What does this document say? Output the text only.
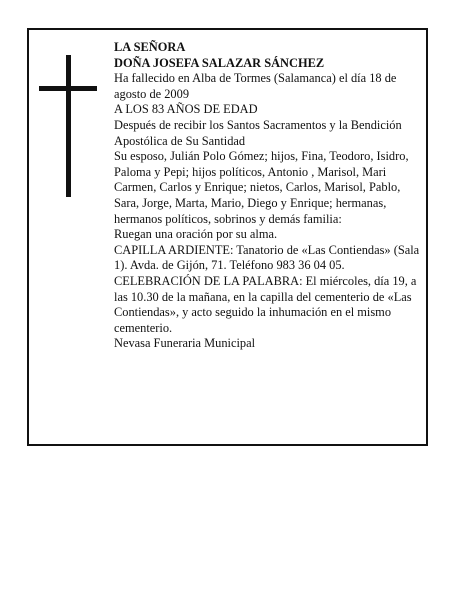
LA SEÑORA

DOÑA JOSEFA SALAZAR SÁNCHEZ

Ha fallecido en Alba de Tormes (Salamanca) el día 18 de agosto de 2009

A LOS 83 AÑOS DE EDAD

Después de recibir los Santos Sacramentos y la Bendición Apostólica de Su Santidad

Su esposo, Julián Polo Gómez; hijos, Fina, Teodoro, Isidro, Paloma y Pepi; hijos políticos, Antonio , Marisol, Mari Carmen, Carlos y Enrique; nietos, Carlos, Marisol, Pablo, Sara, Jorge, Marta, Mario, Diego y Enrique; hermanas, hermanos políticos, sobrinos y demás familia:

Ruegan una oración por su alma.

CAPILLA ARDIENTE: Tanatorio de «Las Contiendas» (Sala 1). Avda. de Gijón, 71. Teléfono 983 36 04 05.

CELEBRACIÓN DE LA PALABRA: El miércoles, día 19, a las 10.30 de la mañana, en la capilla del cementerio de «Las Contiendas», y acto seguido la inhumación en el mismo cementerio.

Nevasa Funeraria Municipal
